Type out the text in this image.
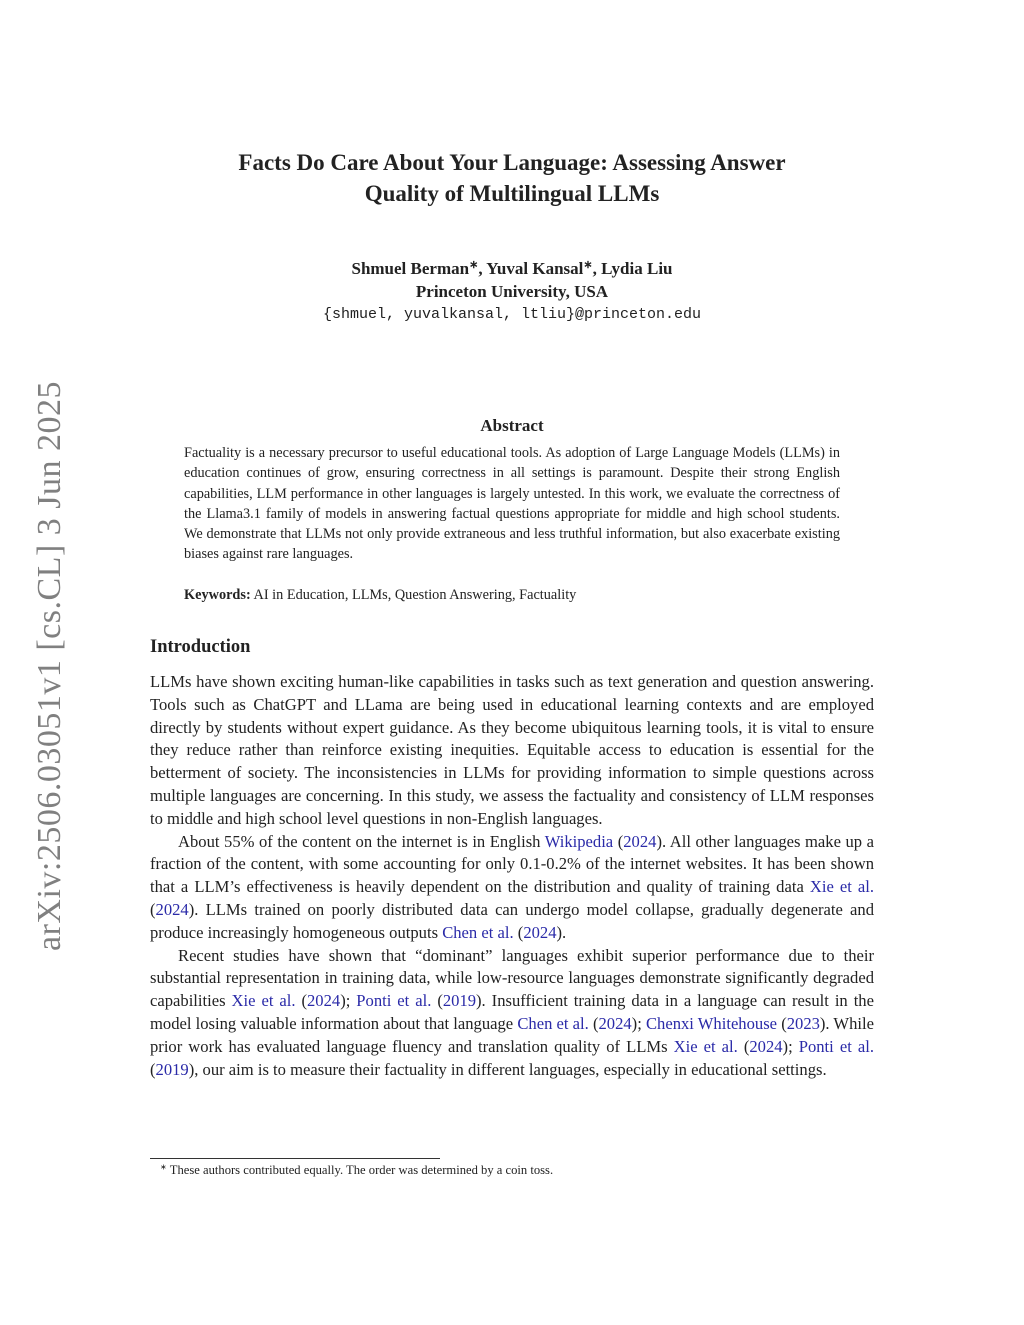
arXiv:2506.03051v1 [cs.CL] 3 Jun 2025
Facts Do Care About Your Language: Assessing Answer
Quality of Multilingual LLMs
Shmuel Berman∗, Yuval Kansal∗, Lydia Liu
Princeton University, USA
{shmuel, yuvalkansal, ltliu}@princeton.edu
Abstract

Factuality is a necessary precursor to useful educational tools. As adoption of Large Language Models (LLMs) in education continues of grow, ensuring correctness in all settings is paramount. Despite their strong English capabilities, LLM performance in other languages is largely untested. In this work, we evaluate the correctness of the Llama3.1 family of models in answering factual questions appropriate for middle and high school students. We demonstrate that LLMs not only provide extraneous and less truthful information, but also exacerbate existing biases against rare languages.

Keywords: AI in Education, LLMs, Question Answering, Factuality
Introduction

LLMs have shown exciting human-like capabilities in tasks such as text generation and question answering. Tools such as ChatGPT and LLama are being used in educational learning contexts and are employed directly by students without expert guidance. As they become ubiquitous learning tools, it is vital to ensure they reduce rather than reinforce existing inequities. Equitable access to education is essential for the betterment of society. The inconsistencies in LLMs for providing information to simple questions across multiple languages are concerning. In this study, we assess the factuality and consistency of LLM responses to middle and high school level questions in non-English languages.

About 55% of the content on the internet is in English Wikipedia (2024). All other languages make up a fraction of the content, with some accounting for only 0.1-0.2% of the internet websites. It has been shown that a LLM’s effectiveness is heavily dependent on the distribution and quality of training data Xie et al. (2024). LLMs trained on poorly distributed data can undergo model collapse, gradually degenerate and produce increasingly homogeneous outputs Chen et al. (2024).

Recent studies have shown that “dominant” languages exhibit superior performance due to their substantial representation in training data, while low-resource languages demonstrate significantly degraded capabilities Xie et al. (2024); Ponti et al. (2019). Insufficient training data in a language can result in the model losing valuable information about that language Chen et al. (2024); Chenxi Whitehouse (2023). While prior work has evaluated language fluency and translation quality of LLMs Xie et al. (2024); Ponti et al. (2019), our aim is to measure their factuality in different languages, especially in educational settings.

∗ These authors contributed equally. The order was determined by a coin toss.
